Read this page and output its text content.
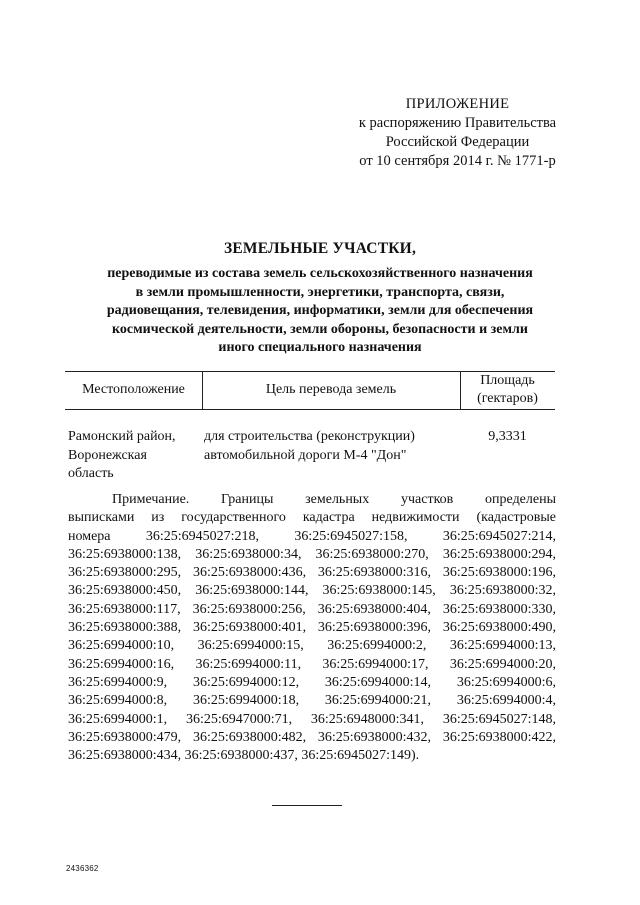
ПРИЛОЖЕНИЕ
к распоряжению Правительства
Российской Федерации
от 10 сентября 2014 г. № 1771-р
ЗЕМЕЛЬНЫЕ УЧАСТКИ,
переводимые из состава земель сельскохозяйственного назначения
в земли промышленности, энергетики, транспорта, связи,
радиовещания, телевидения, информатики, земли для обеспечения
космической деятельности, земли обороны, безопасности и земли
иного специального назначения
Местоположение	Цель перевода земель
Площадь
(гектаров)
Рамонский район,
Воронежская
область
для строительства (реконструкции)
автомобильной дороги М-4 "Дон"
9,3331
Примечание. Границы земельных участков определены
выписками из государственного кадастра недвижимости (кадастровые
номера 36:25:6945027:218, 36:25:6945027:158, 36:25:6945027:214,
36:25:6938000:138, 36:25:6938000:34, 36:25:6938000:270, 36:25:6938000:294,
36:25:6938000:295, 36:25:6938000:436, 36:25:6938000:316, 36:25:6938000:196,
36:25:6938000:450, 36:25:6938000:144, 36:25:6938000:145, 36:25:6938000:32,
36:25:6938000:117, 36:25:6938000:256, 36:25:6938000:404, 36:25:6938000:330,
36:25:6938000:388, 36:25:6938000:401, 36:25:6938000:396, 36:25:6938000:490,
36:25:6994000:10, 36:25:6994000:15, 36:25:6994000:2, 36:25:6994000:13,
36:25:6994000:16, 36:25:6994000:11, 36:25:6994000:17, 36:25:6994000:20,
36:25:6994000:9, 36:25:6994000:12, 36:25:6994000:14, 36:25:6994000:6,
36:25:6994000:8, 36:25:6994000:18, 36:25:6994000:21, 36:25:6994000:4,
36:25:6994000:1, 36:25:6947000:71, 36:25:6948000:341, 36:25:6945027:148,
36:25:6938000:479, 36:25:6938000:482, 36:25:6938000:432, 36:25:6938000:422,
36:25:6938000:434, 36:25:6938000:437, 36:25:6945027:149).
2436362
